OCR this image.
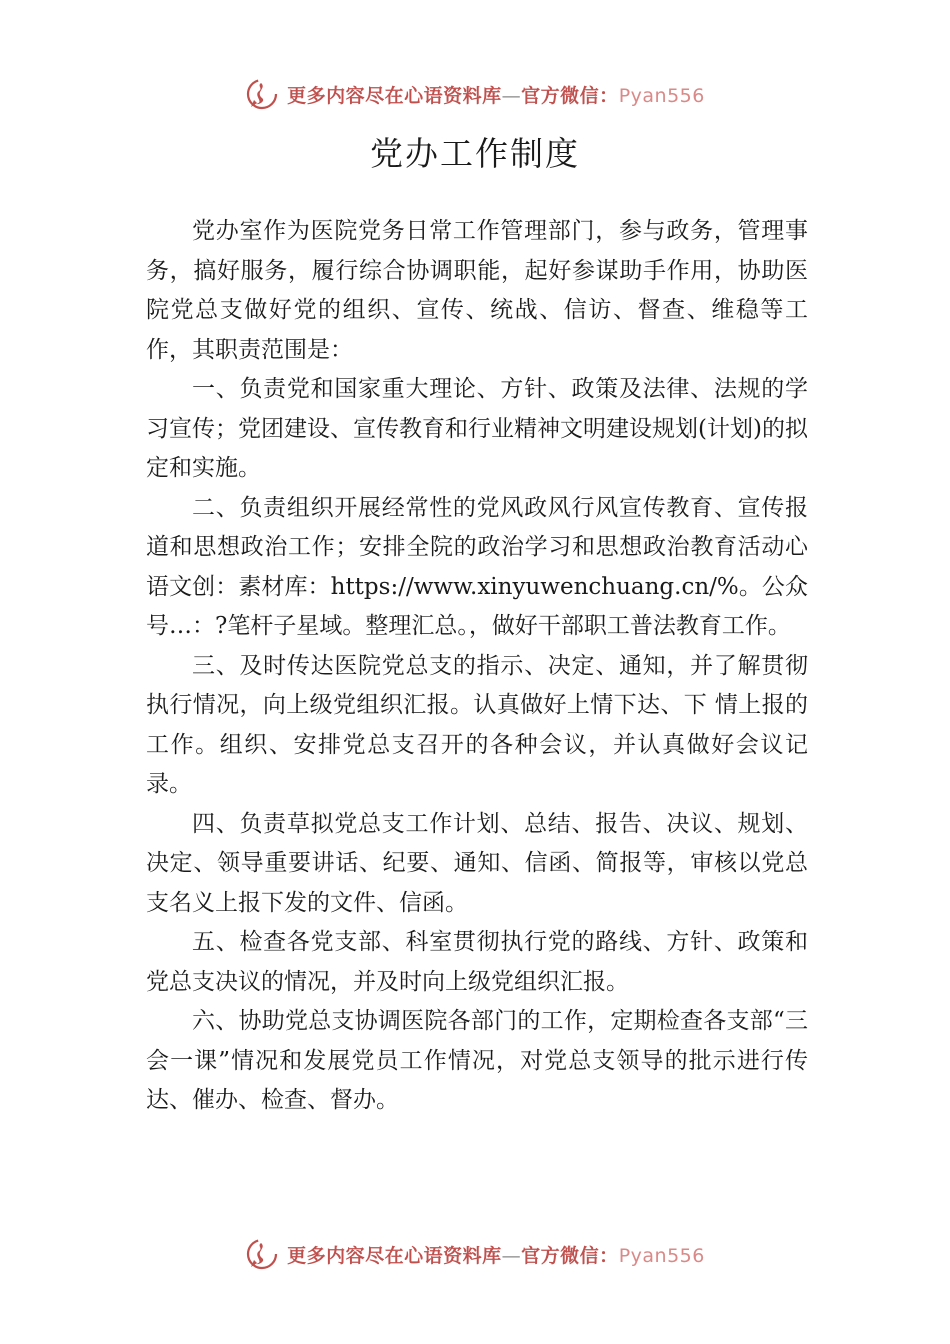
更多内容尽在心语资料库—官方微信：Pyan556
党办工作制度

党办室作为医院党务日常工作管理部门，参与政务，管理事务，搞好服务，履行综合协调职能，起好参谋助手作用，协助医院党总支做好党的组织、宣传、统战、信访、督查、维稳等工作，其职责范围是：

一、负责党和国家重大理论、方针、政策及法律、法规的学习宣传；党团建设、宣传教育和行业精神文明建设规划(计划)的拟定和实施。

二、负责组织开展经常性的党风政风行风宣传教育、宣传报道和思想政治工作；安排全院的政治学习和思想政治教育活动心语文创：素材库：https://www.xinyuwenchuang.cn/%。公众号…：?笔杆子星域。整理汇总。，做好干部职工普法教育工作。

三、及时传达医院党总支的指示、决定、通知，并了解贯彻执行情况，向上级党组织汇报。认真做好上情下达、下 情上报的工作。组织、安排党总支召开的各种会议，并认真做好会议记录。

四、负责草拟党总支工作计划、总结、报告、决议、规划、决定、领导重要讲话、纪要、通知、信函、简报等，审核以党总支名义上报下发的文件、信函。

五、检查各党支部、科室贯彻执行党的路线、方针、政策和党总支决议的情况，并及时向上级党组织汇报。

六、协助党总支协调医院各部门的工作，定期检查各支部“三会一课”情况和发展党员工作情况，对党总支领导的批示进行传达、催办、检查、督办。

更多内容尽在心语资料库—官方微信：Pyan556
